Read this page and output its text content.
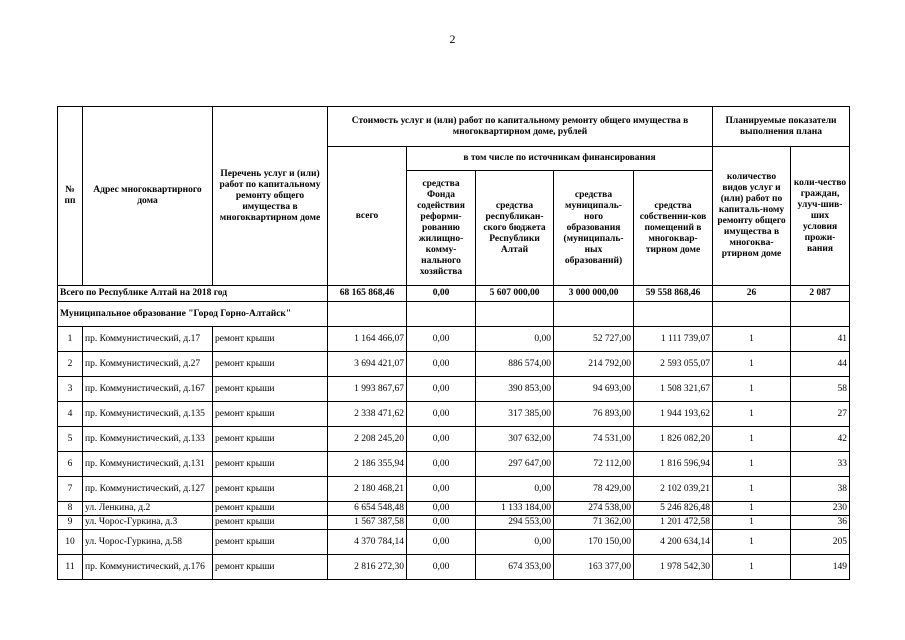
2
№ пп	Адрес многоквартирного дома	Перечень услуг и (или) работ по капитальному ремонту общего имущества в многоквартирном доме	Стоимость услуг и (или) работ по капитальному ремонту общего имущества в многоквартирном доме, рублей					Планируемые показатели выполнения плана	
			всего	в том числе по источникам финансирования				количество видов услуг и (или) работ по капиталь-ному ремонту общего имущества в многоква-ртирном доме	коли-чество граждан, улуч-шив-ших условия прожи-вания
				средства Фонда содействия реформи-рованию жилищно-комму-нального хозяйства	средства республикан-ского бюджета Республики Алтай	средства муниципаль-ного образования (муниципаль-ных образований)	средства собственни-ков помещений в многоквар-тирном доме		
Всего по Республике Алтай на 2018 год			68 165 868,46	0,00	5 607 000,00	3 000 000,00	59 558 868,46	26	2 087
Муниципальное образование "Город Горно-Алтайск"									
1	пр. Коммунистический, д.17	ремонт крыши	1 164 466,07	0,00	0,00	52 727,00	1 111 739,07	1	41
2	пр. Коммунистический, д.27	ремонт крыши	3 694 421,07	0,00	886 574,00	214 792,00	2 593 055,07	1	44
3	пр. Коммунистический, д.167	ремонт крыши	1 993 867,67	0,00	390 853,00	94 693,00	1 508 321,67	1	58
4	пр. Коммунистический, д.135	ремонт крыши	2 338 471,62	0,00	317 385,00	76 893,00	1 944 193,62	1	27
5	пр. Коммунистический, д.133	ремонт крыши	2 208 245,20	0,00	307 632,00	74 531,00	1 826 082,20	1	42
6	пр. Коммунистический, д.131	ремонт крыши	2 186 355,94	0,00	297 647,00	72 112,00	1 816 596,94	1	33
7	пр. Коммунистический, д.127	ремонт крыши	2 180 468,21	0,00	0,00	78 429,00	2 102 039,21	1	38
8	ул. Ленкина, д.2	ремонт крыши	6 654 548,48	0,00	1 133 184,00	274 538,00	5 246 826,48	1	230
9	ул. Чорос-Гуркина, д.3	ремонт крыши	1 567 387,58	0,00	294 553,00	71 362,00	1 201 472,58	1	36
10	ул. Чорос-Гуркина, д.58	ремонт крыши	4 370 784,14	0,00	0,00	170 150,00	4 200 634,14	1	205
11	пр. Коммунистический, д.176	ремонт крыши	2 816 272,30	0,00	674 353,00	163 377,00	1 978 542,30	1	149
